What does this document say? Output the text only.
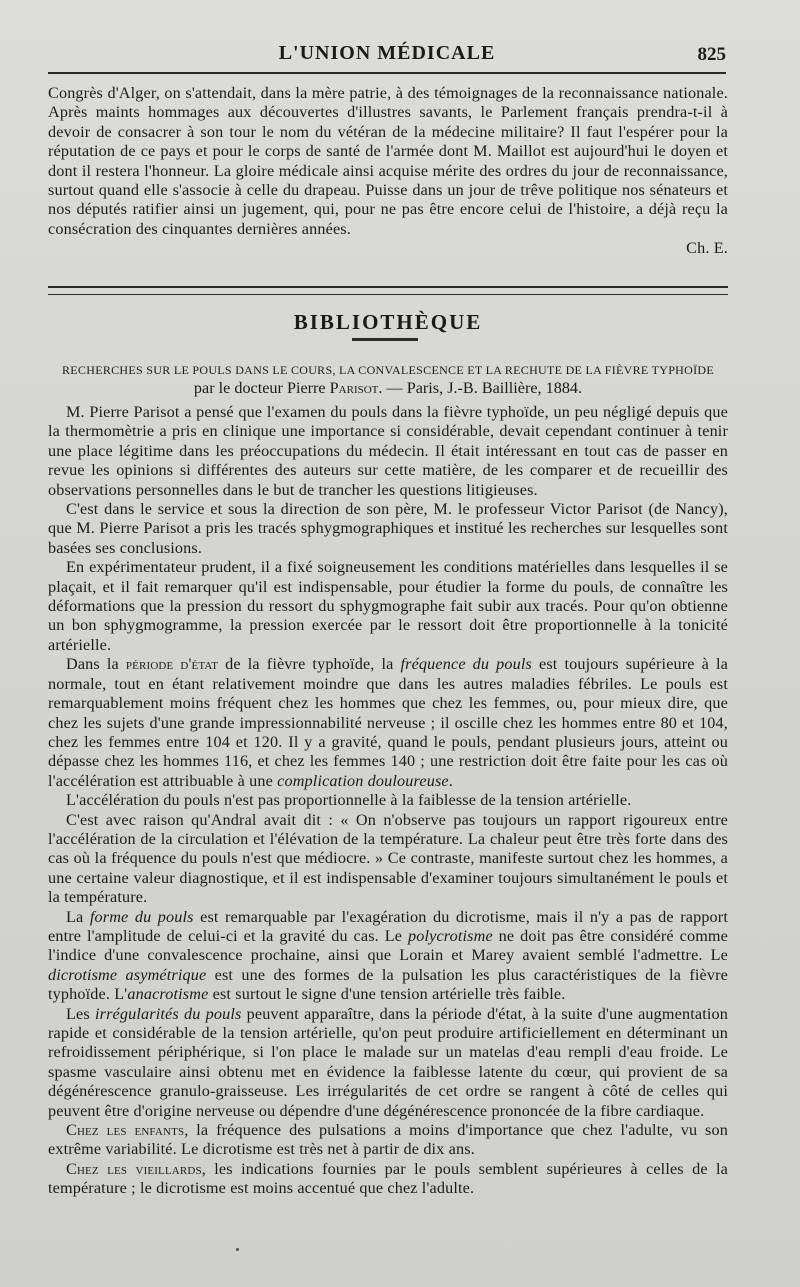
L'UNION MÉDICALE	825

Congrès d'Alger, on s'attendait, dans la mère patrie, à des témoignages de la reconnaissance nationale. Après maints hommages aux découvertes d'illustres savants, le Parlement français prendra-t-il à devoir de consacrer à son tour le nom du vétéran de la médecine militaire? Il faut l'espérer pour la réputation de ce pays et pour le corps de santé de l'armée dont M. Maillot est aujourd'hui le doyen et dont il restera l'honneur. La gloire médicale ainsi acquise mérite des ordres du jour de reconnaissance, surtout quand elle s'associe à celle du drapeau. Puisse dans un jour de trêve politique nos sénateurs et nos députés ratifier ainsi un jugement, qui, pour ne pas être encore celui de l'histoire, a déjà reçu la consécration des cinquantes dernières années.

Ch. E.

BIBLIOTHÈQUE
RECHERCHES SUR LE POULS DANS LE COURS, LA CONVALESCENCE ET LA RECHUTE DE LA FIÈVRE TYPHOÏDE
par le docteur Pierre Parisot. — Paris, J.-B. Baillière, 1884.

M. Pierre Parisot a pensé que l'examen du pouls dans la fièvre typhoïde, un peu négligé depuis que la thermomètrie a pris en clinique une importance si considérable, devait cependant continuer à tenir une place légitime dans les préoccupations du médecin. Il était intéressant en tout cas de passer en revue les opinions si différentes des auteurs sur cette matière, de les comparer et de recueillir des observations personnelles dans le but de trancher les questions litigieuses.

C'est dans le service et sous la direction de son père, M. le professeur Victor Parisot (de Nancy), que M. Pierre Parisot a pris les tracés sphygmographiques et institué les recherches sur lesquelles sont basées ses conclusions.

En expérimentateur prudent, il a fixé soigneusement les conditions matérielles dans lesquelles il se plaçait, et il fait remarquer qu'il est indispensable, pour étudier la forme du pouls, de connaître les déformations que la pression du ressort du sphygmographe fait subir aux tracés. Pour qu'on obtienne un bon sphygmogramme, la pression exercée par le ressort doit être proportionnelle à la tonicité artérielle.

Dans la période d'état de la fièvre typhoïde, la fréquence du pouls est toujours supérieure à la normale, tout en étant relativement moindre que dans les autres maladies fébriles. Le pouls est remarquablement moins fréquent chez les hommes que chez les femmes, ou, pour mieux dire, que chez les sujets d'une grande impressionnabilité nerveuse ; il oscille chez les hommes entre 80 et 104, chez les femmes entre 104 et 120. Il y a gravité, quand le pouls, pendant plusieurs jours, atteint ou dépasse chez les hommes 116, et chez les femmes 140 ; une restriction doit être faite pour les cas où l'accélération est attribuable à une complication douloureuse.

L'accélération du pouls n'est pas proportionnelle à la faiblesse de la tension artérielle.

C'est avec raison qu'Andral avait dit : « On n'observe pas toujours un rapport rigoureux entre l'accélération de la circulation et l'élévation de la température. La chaleur peut être très forte dans des cas où la fréquence du pouls n'est que médiocre. » Ce contraste, manifeste surtout chez les hommes, a une certaine valeur diagnostique, et il est indispensable d'examiner toujours simultanément le pouls et la température.

La forme du pouls est remarquable par l'exagération du dicrotisme, mais il n'y a pas de rapport entre l'amplitude de celui-ci et la gravité du cas. Le polycrotisme ne doit pas être considéré comme l'indice d'une convalescence prochaine, ainsi que Lorain et Marey avaient semblé l'admettre. Le dicrotisme asymétrique est une des formes de la pulsation les plus caractéristiques de la fièvre typhoïde. L'anacrotisme est surtout le signe d'une tension artérielle très faible.

Les irrégularités du pouls peuvent apparaître, dans la période d'état, à la suite d'une augmentation rapide et considérable de la tension artérielle, qu'on peut produire artificiellement en déterminant un refroidissement périphérique, si l'on place le malade sur un matelas d'eau rempli d'eau froide. Le spasme vasculaire ainsi obtenu met en évidence la faiblesse latente du cœur, qui provient de sa dégénérescence granulo-graisseuse. Les irrégularités de cet ordre se rangent à côté de celles qui peuvent être d'origine nerveuse ou dépendre d'une dégénérescence prononcée de la fibre cardiaque.

Chez les enfants, la fréquence des pulsations a moins d'importance que chez l'adulte, vu son extrême variabilité. Le dicrotisme est très net à partir de dix ans.

Chez les vieillards, les indications fournies par le pouls semblent supérieures à celles de la température ; le dicrotisme est moins accentué que chez l'adulte.
